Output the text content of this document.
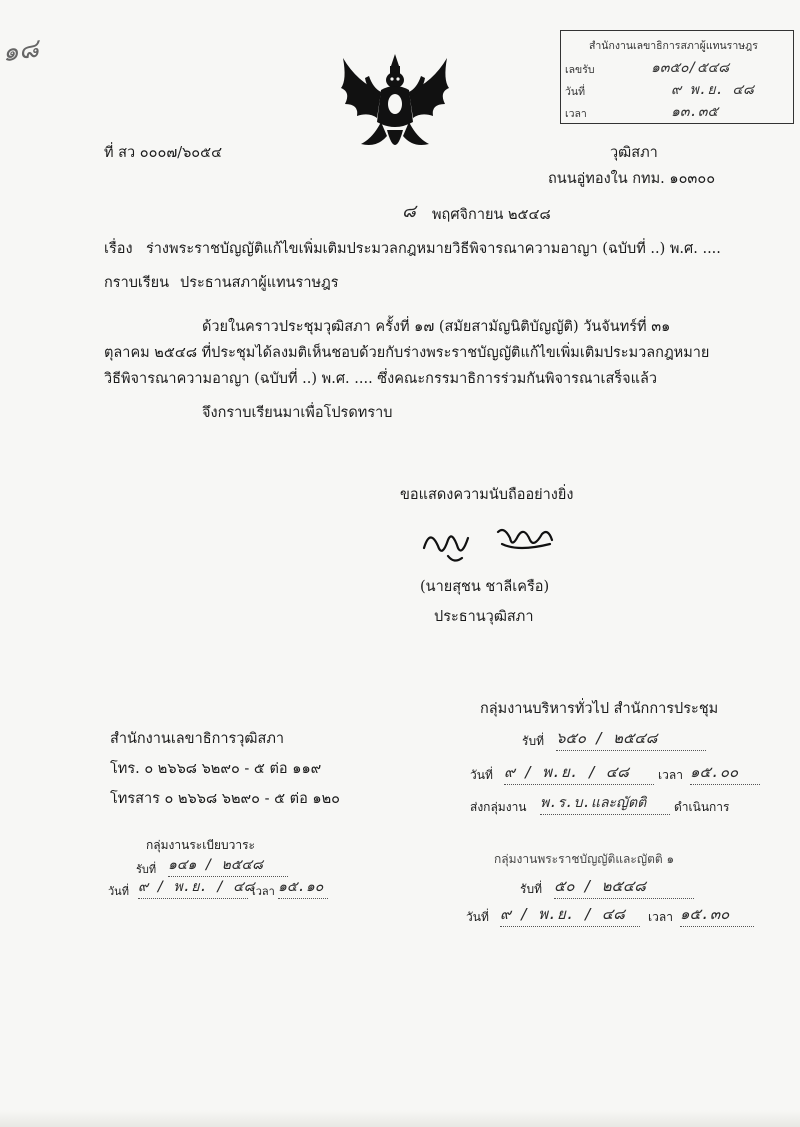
๑๘	สำนักงานเลขาธิการสภาผู้แทนราษฎร
เลขรับ	๑๓๕๐/๕๔๘
วันที่	๙ พ.ย. ๔๘
เวลา	๑๓.๓๕
ที่ สว ๐๐๐๗/๖๐๕๔	วุฒิสภา
ถนนอู่ทองใน กทม. ๑๐๓๐๐
๘ พฤศจิกายน ๒๕๔๘
เรื่อง ร่างพระราชบัญญัติแก้ไขเพิ่มเติมประมวลกฎหมายวิธีพิจารณาความอาญา (ฉบับที่ ..) พ.ศ. ....
กราบเรียน ประธานสภาผู้แทนราษฎร
ด้วยในคราวประชุมวุฒิสภา ครั้งที่ ๑๗ (สมัยสามัญนิติบัญญัติ) วันจันทร์ที่ ๓๑
ตุลาคม ๒๕๔๘ ที่ประชุมได้ลงมติเห็นชอบด้วยกับร่างพระราชบัญญัติแก้ไขเพิ่มเติมประมวลกฎหมาย
วิธีพิจารณาความอาญา (ฉบับที่ ..) พ.ศ. .... ซึ่งคณะกรรมาธิการร่วมกันพิจารณาเสร็จแล้ว
จึงกราบเรียนมาเพื่อโปรดทราบ
ขอแสดงความนับถืออย่างยิ่ง
(นายสุชน ชาลีเครือ)
ประธานวุฒิสภา
สำนักงานเลขาธิการวุฒิสภา
โทร. ๐ ๒๖๖๘ ๖๒๙๐ - ๕ ต่อ ๑๑๙
โทรสาร ๐ ๒๖๖๘ ๖๒๙๐ - ๕ ต่อ ๑๒๐
กลุ่มงานระเบียบวาระ
รับที่ ๑๔๑ / ๒๕๔๘
วันที่ ๙ / พ.ย. / ๔๘
เวลา ๑๕.๑๐
กลุ่มงานบริหารทั่วไป สำนักการประชุม
รับที่ ๖๕๐ / ๒๕๔๘
วันที่ ๙ / พ.ย. / ๔๘	เวลา ๑๕.๐๐
ส่งกลุ่มงาน พ.ร.บ.และญัตติ	ดำเนินการ
กลุ่มงานพระราชบัญญัติและญัตติ ๑
รับที่ ๕๐ / ๒๕๔๘
วันที่ ๙ / พ.ย. / ๔๘	เวลา ๑๕.๓๐
